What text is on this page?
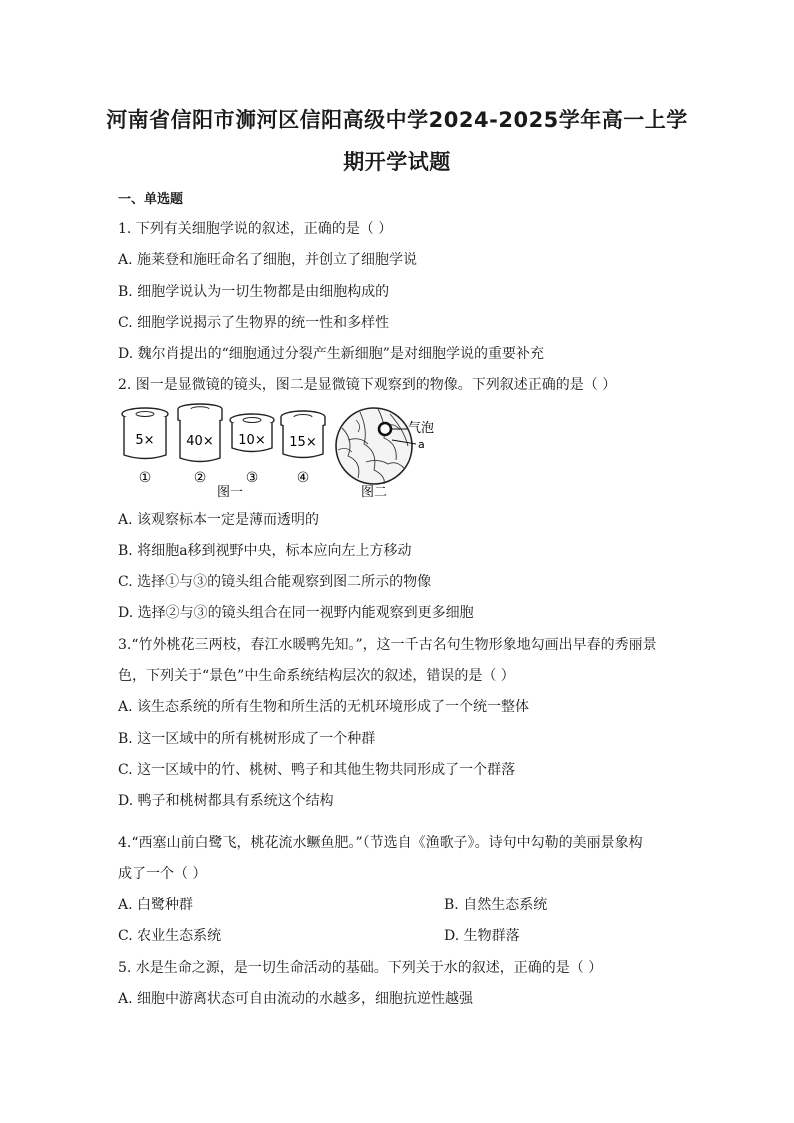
河南省信阳市浉河区信阳高级中学2024-2025学年高一上学
期开学试题
一、单选题
1. 下列有关细胞学说的叙述，正确的是（ ）
A. 施莱登和施旺命名了细胞，并创立了细胞学说
B. 细胞学说认为一切生物都是由细胞构成的
C. 细胞学说揭示了生物界的统一性和多样性
D. 魏尔肖提出的“细胞通过分裂产生新细胞”是对细胞学说的重要补充
2. 图一是显微镜的镜头，图二是显微镜下观察到的物像。下列叙述正确的是（ ）
5×
①
40×
②
10×
③
15×
④
图一
气泡
a
图二
A. 该观察标本一定是薄而透明的
B. 将细胞a移到视野中央，标本应向左上方移动
C. 选择①与③的镜头组合能观察到图二所示的物像
D. 选择②与③的镜头组合在同一视野内能观察到更多细胞
3.“竹外桃花三两枝，春江水暖鸭先知。”，这一千古名句生物形象地勾画出早春的秀丽景
色，下列关于“景色”中生命系统结构层次的叙述，错误的是（ ）
A. 该生态系统的所有生物和所生活的无机环境形成了一个统一整体
B. 这一区域中的所有桃树形成了一个种群
C. 这一区域中的竹、桃树、鸭子和其他生物共同形成了一个群落
D. 鸭子和桃树都具有系统这个结构
4.“西塞山前白鹭飞，桃花流水鳜鱼肥。”（节选自《渔歌子》。诗句中勾勒的美丽景象构
成了一个（ ）
A. 白鹭种群	B. 自然生态系统
C. 农业生态系统	D. 生物群落
5. 水是生命之源，是一切生命活动的基础。下列关于水的叙述，正确的是（ ）
A. 细胞中游离状态可自由流动的水越多，细胞抗逆性越强
